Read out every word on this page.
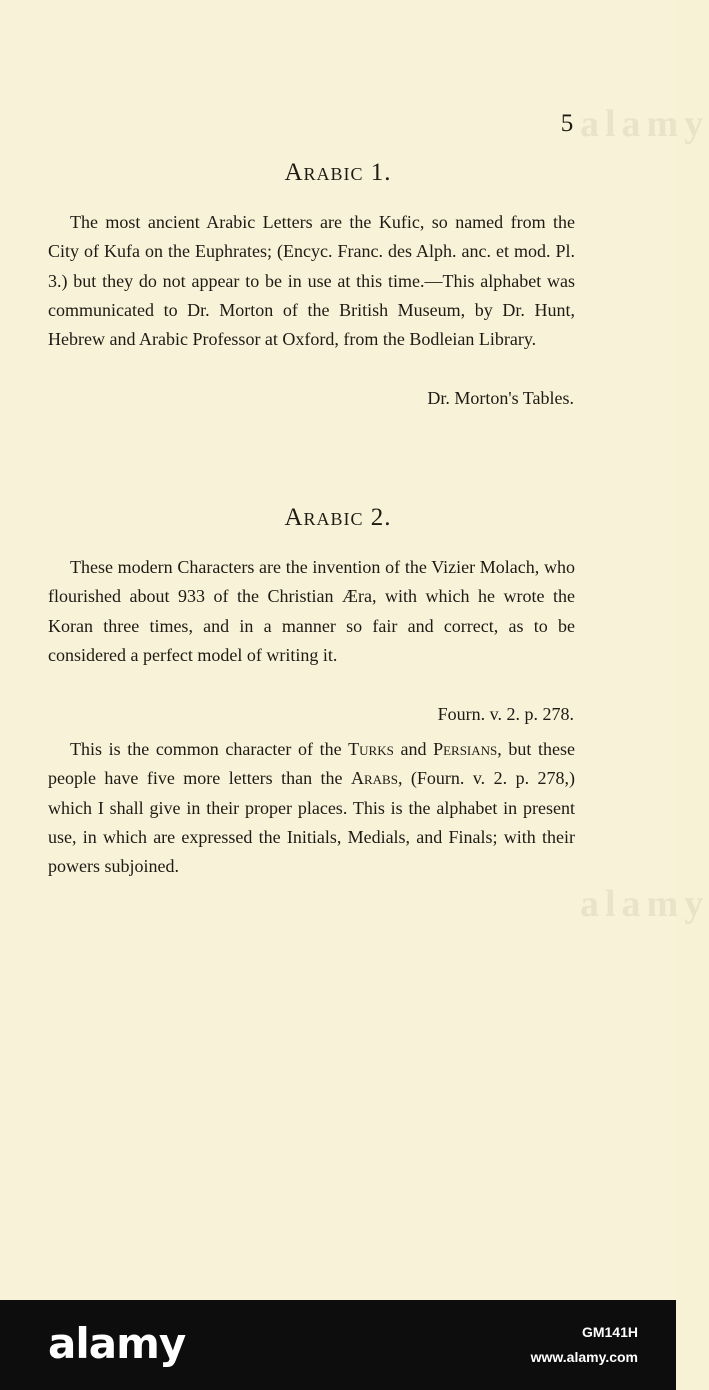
alamy
alamy
5
Arabic 1.

The most ancient Arabic Letters are the Kufic, so named from the City of Kufa on the Euphrates; (Encyc. Franc. des Alph. anc. et mod. Pl. 3.) but they do not appear to be in use at this time.—This alphabet was communicated to Dr. Morton of the British Museum, by Dr. Hunt, Hebrew and Arabic Professor at Oxford, from the Bodleian Library.

Dr. Morton's Tables.
Arabic 2.

These modern Characters are the invention of the Vizier Molach, who flourished about 933 of the Christian Æra, with which he wrote the Koran three times, and in a manner so fair and correct, as to be considered a perfect model of writing it.

Fourn. v. 2. p. 278.

This is the common character of the Turks and Persians, but these people have five more letters than the Arabs, (Fourn. v. 2. p. 278,) which I shall give in their proper places. This is the alphabet in present use, in which are expressed the Initials, Medials, and Finals; with their powers subjoined.

alamy	GM141H
www.alamy.com
